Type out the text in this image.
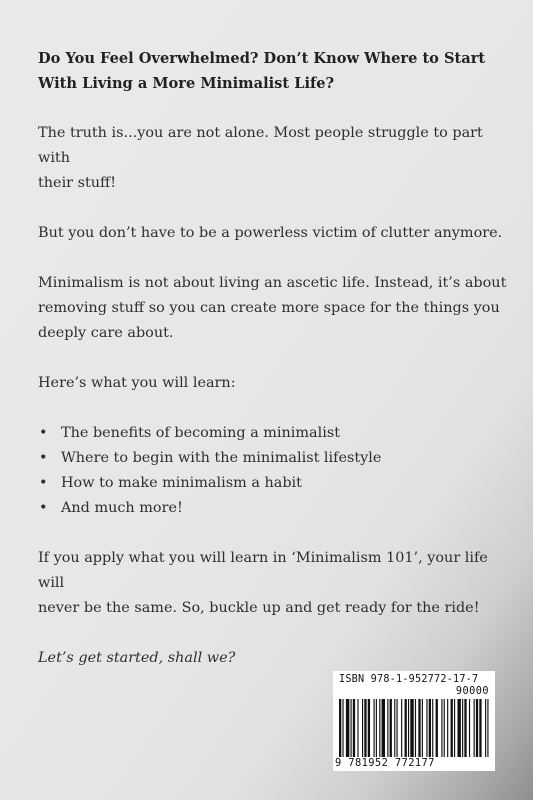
Do You Feel Overwhelmed? Don’t Know Where to Start
With Living a More Minimalist Life?

The truth is...you are not alone. Most people struggle to part with
their stuff!

But you don’t have to be a powerless victim of clutter anymore.

Minimalism is not about living an ascetic life. Instead, it’s about
removing stuff so you can create more space for the things you
deeply care about.

Here’s what you will learn:

• The benefits of becoming a minimalist
• Where to begin with the minimalist lifestyle
• How to make minimalism a habit
• And much more!

If you apply what you will learn in ‘Minimalism 101’, your life will
never be the same. So, buckle up and get ready for the ride!

Let’s get started, shall we?

ISBN 978-1-952772-17-7
90000
9 781952 772177
